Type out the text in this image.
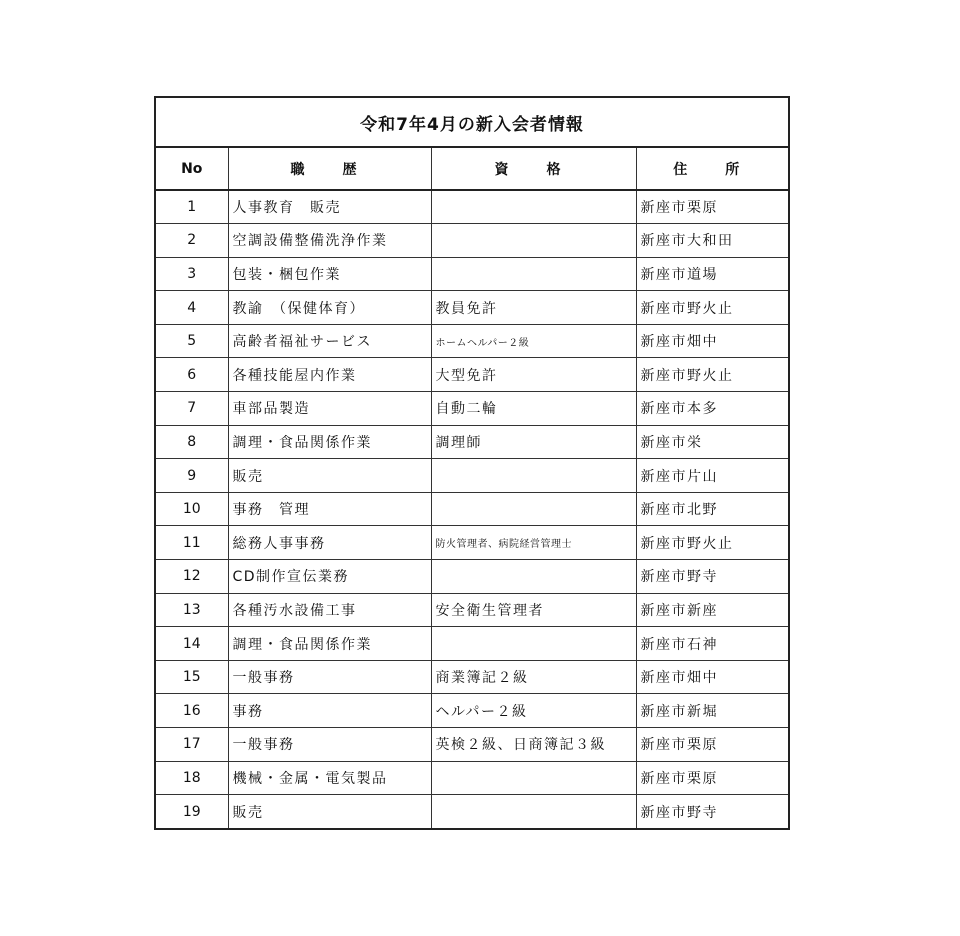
令和7年4月の新入会者情報
No	職　歴	資　格	住　所
1	人事教育　販売		新座市栗原
2	空調設備整備洗浄作業		新座市大和田
3	包装・梱包作業		新座市道場
4	教諭　（保健体育）	教員免許	新座市野火止
5	高齢者福祉サービス	ホームヘルパー２級	新座市畑中
6	各種技能屋内作業	大型免許	新座市野火止
7	車部品製造	自動二輪	新座市本多
8	調理・食品関係作業	調理師	新座市栄
9	販売		新座市片山
10	事務　管理		新座市北野
11	総務人事事務	防火管理者、病院経営管理士	新座市野火止
12	CD制作宣伝業務		新座市野寺
13	各種汚水設備工事	安全衛生管理者	新座市新座
14	調理・食品関係作業		新座市石神
15	一般事務	商業簿記２級	新座市畑中
16	事務	ヘルパー２級	新座市新堀
17	一般事務	英検２級、日商簿記３級	新座市栗原
18	機械・金属・電気製品		新座市栗原
19	販売		新座市野寺
